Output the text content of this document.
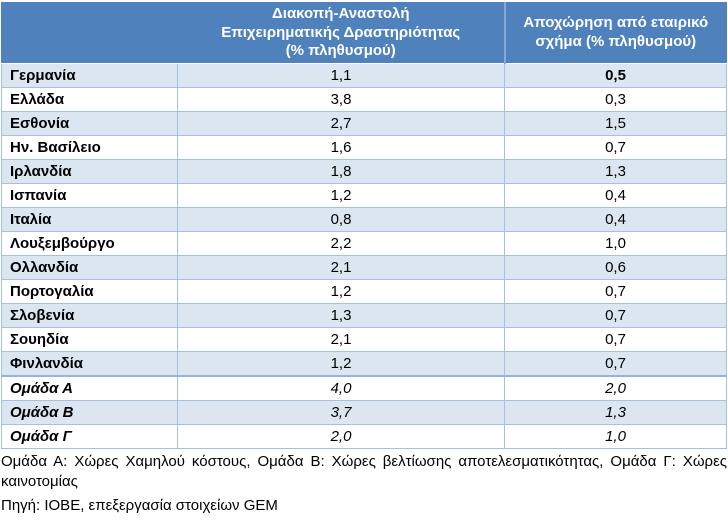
Διακοπή-Αναστολή
Επιχειρηματικής Δραστηριότητας
(% πληθυσμού)

Αποχώρηση από εταιρικό
σχήμα (% πληθυσμού)

Γερμανία	1,1	0,5
Ελλάδα	3,8	0,3
Εσθονία	2,7	1,5
Ην. Βασίλειο	1,6	0,7
Ιρλανδία	1,8	1,3
Ισπανία	1,2	0,4
Ιταλία	0,8	0,4
Λουξεμβούργο	2,2	1,0
Ολλανδία	2,1	0,6
Πορτογαλία	1,2	0,7
Σλοβενία	1,3	0,7
Σουηδία	2,1	0,7
Φινλανδία	1,2	0,7
Ομάδα Α	4,0	2,0
Ομάδα Β	3,7	1,3
Ομάδα Γ	2,0	1,0

Ομάδα Α: Χώρες Χαμηλού κόστους, Ομάδα Β: Χώρες βελτίωσης αποτελεσματικότητας, Ομάδα Γ: Χώρες καινοτομίας

Πηγή: ΙΟΒΕ, επεξεργασία στοιχείων GEM
